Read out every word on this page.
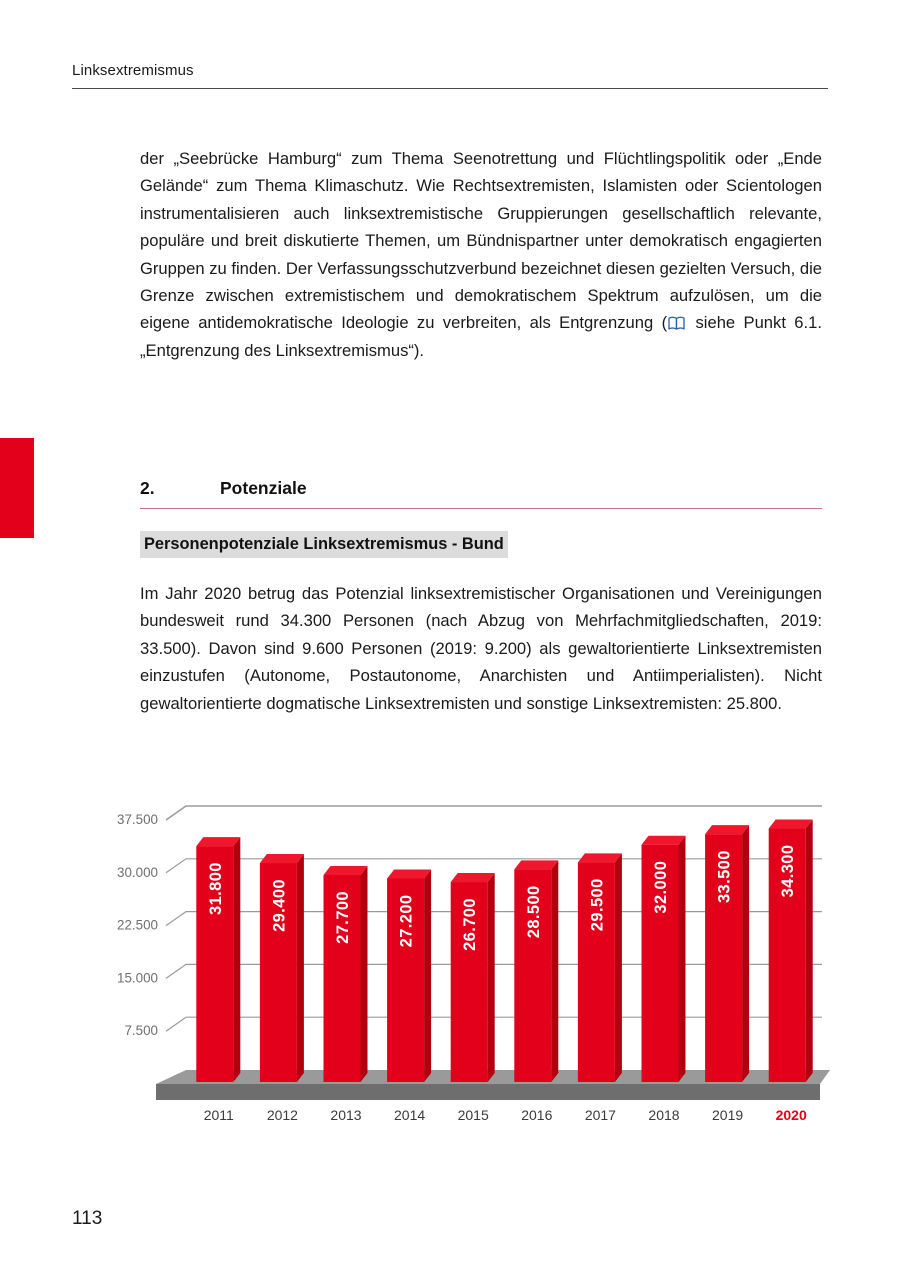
Linksextremismus

der „Seebrücke Hamburg“ zum Thema Seenotrettung und Flüchtlingspolitik oder „Ende Gelände“ zum Thema Klimaschutz. Wie Rechtsextremisten, Islamisten oder Scientologen instrumentalisieren auch linksextremistische Gruppierungen gesellschaftlich relevante, populäre und breit diskutierte Themen, um Bündnispartner unter demokratisch engagierten Gruppen zu finden. Der Verfassungsschutzverbund bezeichnet diesen gezielten Versuch, die Grenze zwischen extremistischem und demokratischem Spektrum aufzulösen, um die eigene antidemokratische Ideologie zu verbreiten, als Entgrenzung ( siehe Punkt 6.1. „Entgrenzung des Linksextremismus“).

2.	Potenziale
Personenpotenziale Linksextremismus - Bund

Im Jahr 2020 betrug das Potenzial linksextremistischer Organisationen und Vereinigungen bundesweit rund 34.300 Personen (nach Abzug von Mehrfachmitgliedschaften, 2019: 33.500). Davon sind 9.600 Personen (2019: 9.200) als gewaltorientierte Linksextremisten einzustufen (Autonome, Postautonome, Anarchisten und Antiimperialisten). Nicht gewaltorientierte dogmatische Linksextremisten und sonstige Linksextremisten: 25.800.

37.500
30.000
22.500
15.000
7.500
31.800	29.400	27.700	27.200	26.700	28.500	29.500	32.000	33.500	34.300
2011 2012 2013 2014 2015 2016 2017 2018 2019 2020
113
